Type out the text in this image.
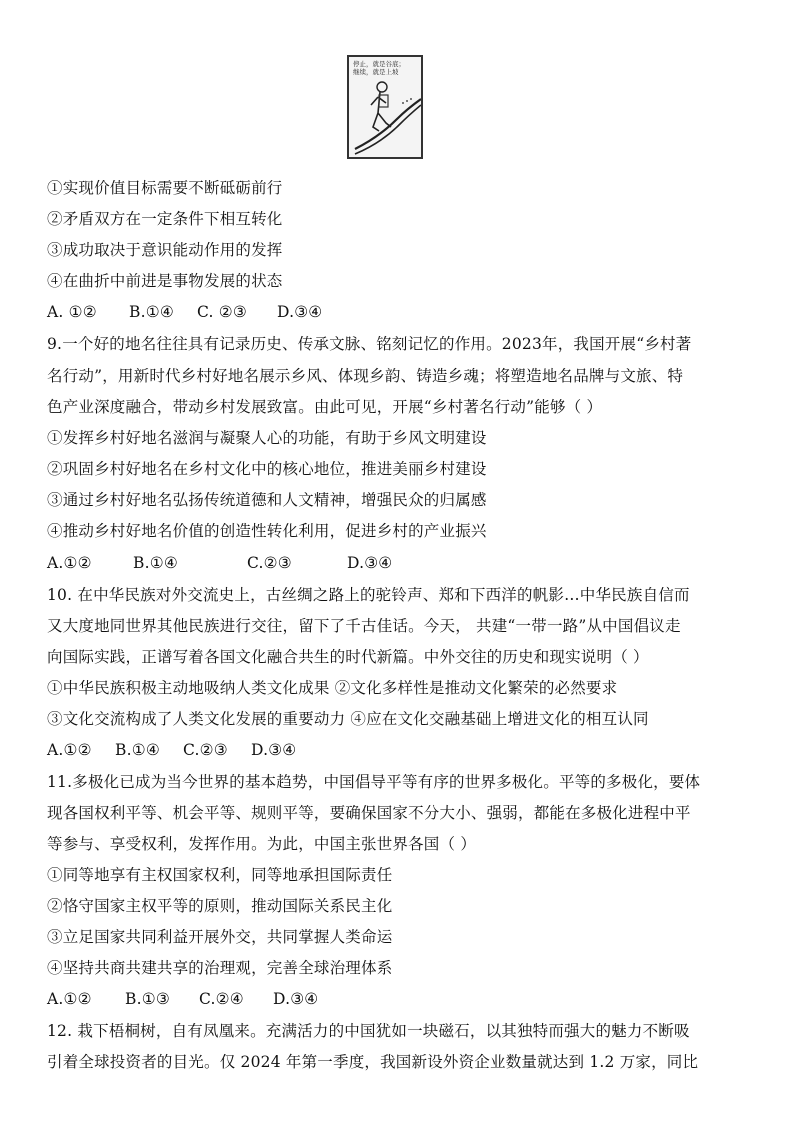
停止，就是谷底；
继续，就是上坡
①实现价值目标需要不断砥砺前行
②矛盾双方在一定条件下相互转化
③成功取决于意识能动作用的发挥
④在曲折中前进是事物发展的状态
A. ①② B.①④ C. ②③ D.③④
9.一个好的地名往往具有记录历史、传承文脉、铭刻记忆的作用。2023年，我国开展“乡村著
名行动”，用新时代乡村好地名展示乡风、体现乡韵、铸造乡魂；将塑造地名品牌与文旅、特
色产业深度融合，带动乡村发展致富。由此可见，开展“乡村著名行动”能够（ ）
①发挥乡村好地名滋润与凝聚人心的功能，有助于乡风文明建设
②巩固乡村好地名在乡村文化中的核心地位，推进美丽乡村建设
③通过乡村好地名弘扬传统道德和人文精神，增强民众的归属感
④推动乡村好地名价值的创造性转化利用，促进乡村的产业振兴
A.①②	B.①④	C.②③	D.③④
10. 在中华民族对外交流史上，古丝绸之路上的驼铃声、郑和下西洋的帆影…中华民族自信而
又大度地同世界其他民族进行交往，留下了千古佳话。今天， 共建“一带一路”从中国倡议走
向国际实践，正谱写着各国文化融合共生的时代新篇。中外交往的历史和现实说明（ ）
①中华民族积极主动地吸纳人类文化成果 ②文化多样性是推动文化繁荣的必然要求
③文化交流构成了人类文化发展的重要动力 ④应在文化交融基础上增进文化的相互认同
A.①② B.①④ C.②③ D.③④
11.多极化已成为当今世界的基本趋势，中国倡导平等有序的世界多极化。平等的多极化，要体
现各国权利平等、机会平等、规则平等，要确保国家不分大小、强弱，都能在多极化进程中平
等参与、享受权利，发挥作用。为此，中国主张世界各国（ ）
①同等地享有主权国家权利，同等地承担国际责任
②恪守国家主权平等的原则，推动国际关系民主化
③立足国家共同利益开展外交，共同掌握人类命运
④坚持共商共建共享的治理观，完善全球治理体系
A.①② B.①③ C.②④ D.③④
12. 栽下梧桐树，自有凤凰来。充满活力的中国犹如一块磁石，以其独特而强大的魅力不断吸
引着全球投资者的目光。仅 2024 年第一季度，我国新设外资企业数量就达到 1.2 万家，同比
